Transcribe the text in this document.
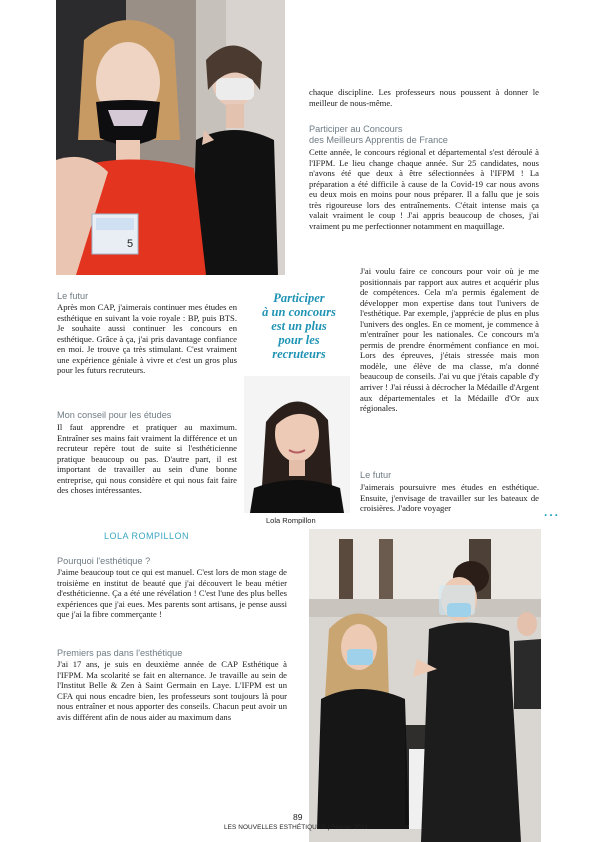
5

chaque discipline. Les professeurs nous poussent à donner le meilleur de nous-même.

Participer au Concours
des Meilleurs Apprentis de France

Cette année, le concours régional et départemental s'est déroulé à l'IFPM. Le lieu change chaque année. Sur 25 candidates, nous n'avons été que deux à être sélectionnées à l'IFPM ! La préparation a été difficile à cause de la Covid-19 car nous avons eu deux mois en moins pour nous préparer. Il a fallu que je sois très rigoureuse lors des entraînements. C'était intense mais ça valait vraiment le coup ! J'ai appris beaucoup de choses, j'ai vraiment pu me perfectionner notamment en maquillage.

J'ai voulu faire ce concours pour voir où je me positionnais par rapport aux autres et acquérir plus de compétences. Cela m'a permis également de développer mon expertise dans tout l'univers de l'esthétique. Par exemple, j'apprécie de plus en plus l'univers des ongles. En ce moment, je commence à m'entraîner pour les nationales. Ce concours m'a permis de prendre énormément confiance en moi. Lors des épreuves, j'étais stressée mais mon modèle, une élève de ma classe, m'a donné beaucoup de conseils. J'ai vu que j'étais capable d'y arriver ! J'ai réussi à décrocher la Médaille d'Argent aux départementales et la Médaille d'Or aux régionales.

Le futur

J'aimerais poursuivre mes études en esthétique. Ensuite, j'envisage de travailler sur les bateaux de croisières. J'adore voyager	...
Le futur

Après mon CAP, j'aimerais continuer mes études en esthétique en suivant la voie royale : BP, puis BTS. Je souhaite aussi continuer les concours en esthétique. Grâce à ça, j'ai pris davantage confiance en moi. Je trouve ça très stimulant. C'est vraiment une expérience géniale à vivre et c'est un gros plus pour les futurs recruteurs.

Mon conseil pour les études

Il faut apprendre et pratiquer au maximum. Entraîner ses mains fait vraiment la différence et un recruteur repère tout de suite si l'esthéticienne pratique beaucoup ou pas. D'autre part, il est important de travailler au sein d'une bonne entreprise, qui nous considère et qui nous fait faire des choses intéressantes.

Participer
à un concours
est un plus
pour les
recruteurs
Lola Rompillon
LOLA ROMPILLON
Pourquoi l'esthétique ?

J'aime beaucoup tout ce qui est manuel. C'est lors de mon stage de troisième en institut de beauté que j'ai découvert le beau métier d'esthéticienne. Ça a été une révélation ! C'est l'une des plus belles expériences que j'ai eues. Mes parents sont artisans, je pense aussi que j'ai la fibre commerçante !

Premiers pas dans l'esthétique

J'ai 17 ans, je suis en deuxième année de CAP Esthétique à l'IFPM. Ma scolarité se fait en alternance. Je travaille au sein de l'Institut Belle & Zen à Saint Germain en Laye. L'IFPM est un CFA qui nous encadre bien, les professeurs sont toujours là pour nous entraîner et nous apporter des conseils. Chacun peut avoir un avis différent afin de nous aider au maximum dans

89
LES NOUVELLES ESTHÉTIQUES | Février 2021
